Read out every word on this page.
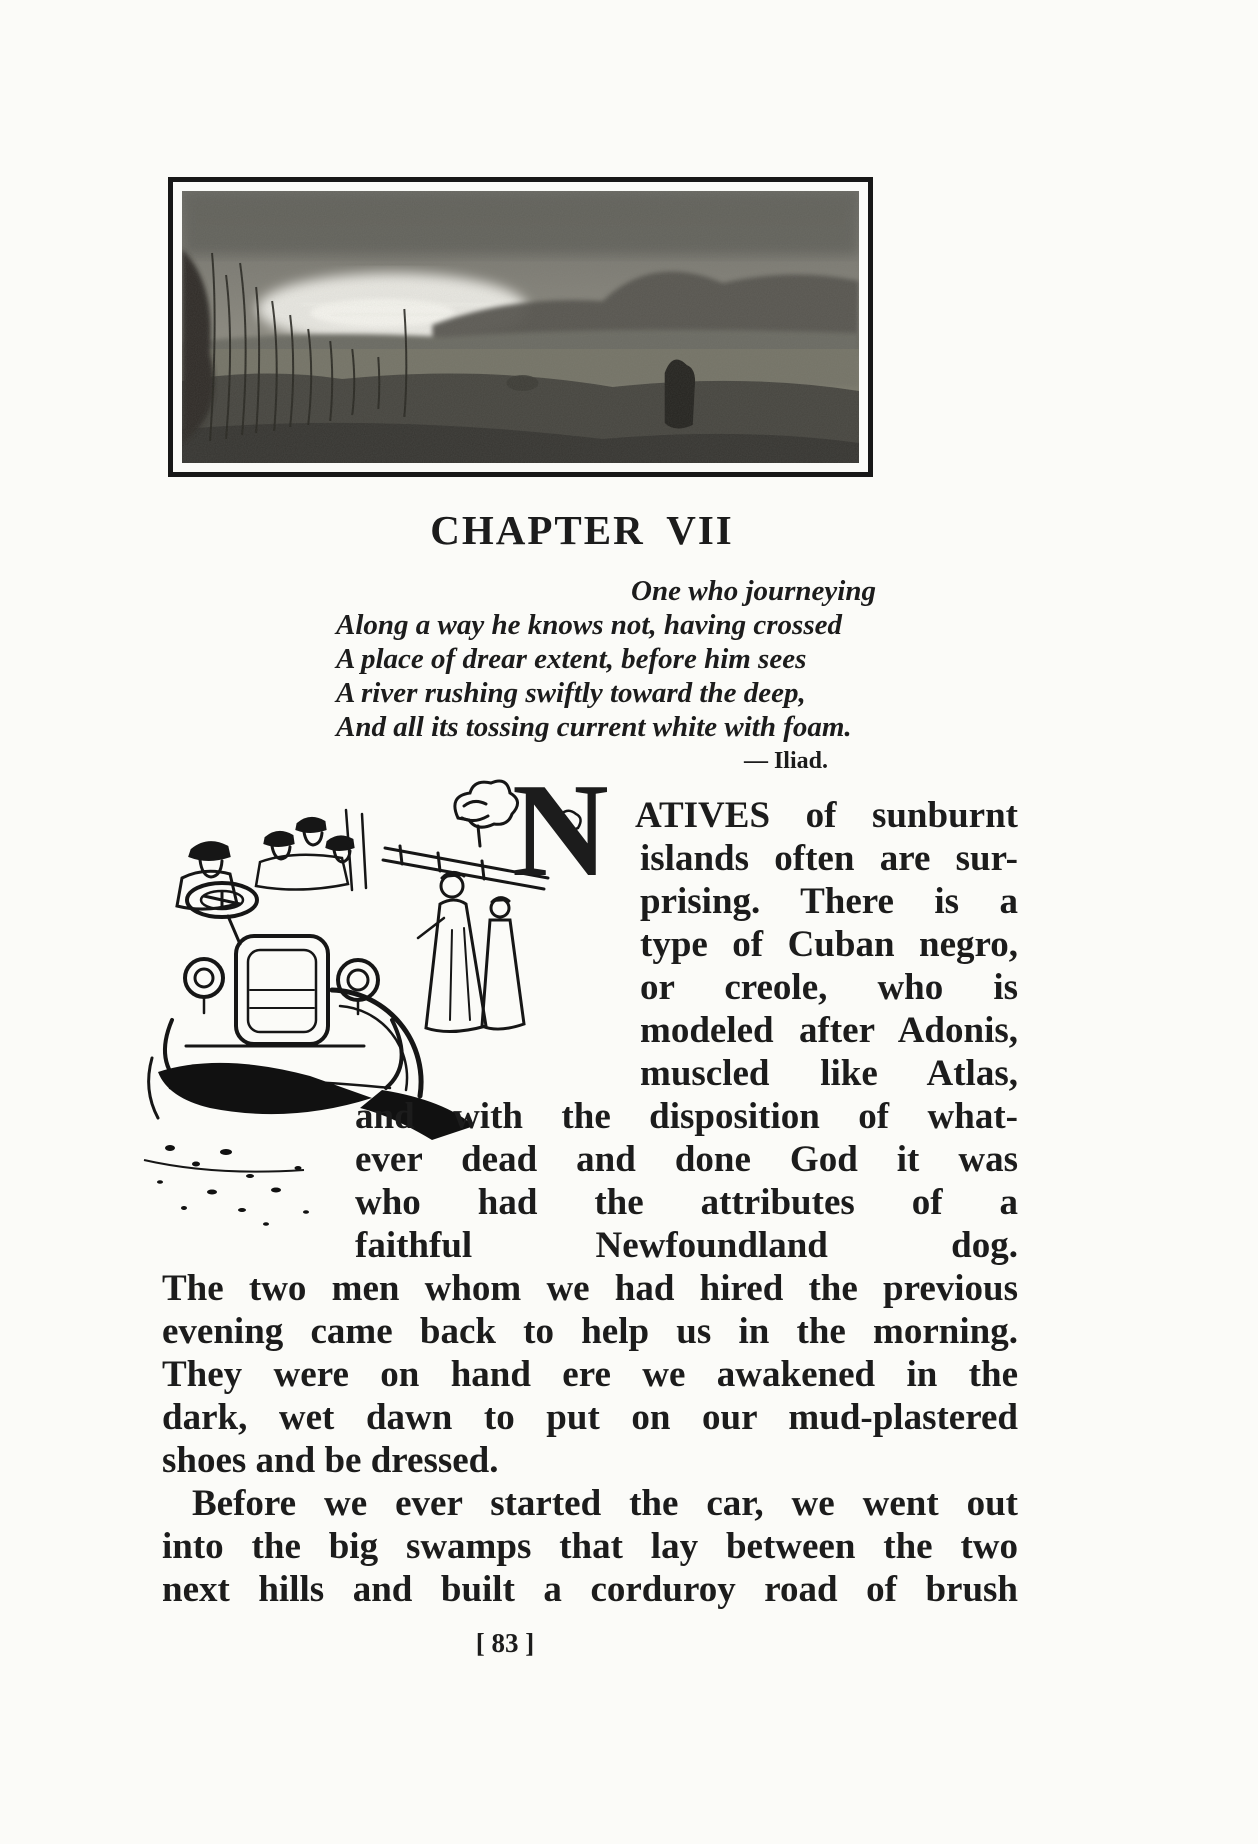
CHAPTER VII
One who journeying
Along a way he knows not, having crossed
A place of drear extent, before him sees
A river rushing swiftly toward the deep,
And all its tossing current white with foam.
— Iliad.
N ATIVES of sunburnt
islands often are sur-
prising. There is a
type of Cuban negro,
or creole, who is
modeled after Adonis,
muscled like Atlas,
and with the disposition of what-
ever dead and done God it was
who had the attributes of a
faithful Newfoundland dog.
The two men whom we had hired the previous
evening came back to help us in the morning.
They were on hand ere we awakened in the
dark, wet dawn to put on our mud-plastered
shoes and be dressed.
Before we ever started the car, we went out
into the big swamps that lay between the two
next hills and built a corduroy road of brush
[ 83 ]
